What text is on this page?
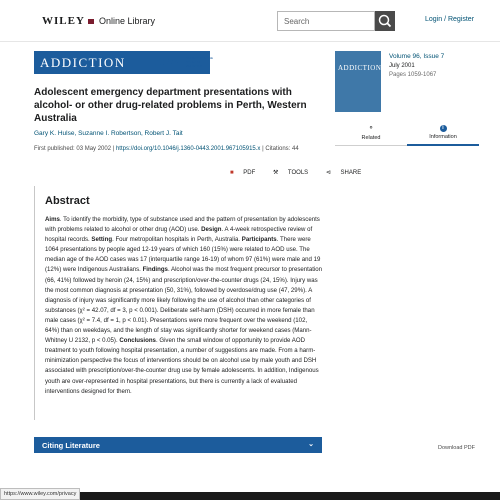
WILEY Online Library	Search	Login / Register
ADDICTION	SSA SOCIETY FOR THE STUDY OF ADDICTION
Adolescent emergency department presentations with alcohol- or other drug-related problems in Perth, Western Australia
Gary K. Hulse, Suzanne I. Robertson, Robert J. Tait
First published: 03 May 2002 | https://doi.org/10.1046/j.1360-0443.2001.967105915.x | Citations: 44
■ PDF	⚒ TOOLS	⊲ SHARE
Abstract

Aims. To identify the morbidity, type of substance used and the pattern of presentation by adolescents with problems related to alcohol or other drug (AOD) use. Design. A 4-week retrospective review of hospital records. Setting. Four metropolitan hospitals in Perth, Australia. Participants. There were 1064 presentations by people aged 12-19 years of which 160 (15%) were related to AOD use. The median age of the AOD cases was 17 (interquartile range 16-19) of whom 97 (61%) were male and 19 (12%) were Indigenous Australians. Findings. Alcohol was the most frequent precursor to presentation (66, 41%) followed by heroin (24, 15%) and prescription/over-the-counter drugs (24, 15%). Injury was the most common diagnosis at presentation (50, 31%), followed by overdose/drug use (47, 29%). A diagnosis of injury was significantly more likely following the use of alcohol than other categories of substances (χ² = 42.07, df = 3, p < 0.001). Deliberate self-harm (DSH) occurred in more female than male cases (χ² = 7.4, df = 1, p < 0.01). Presentations were more frequent over the weekend (102, 64%) than on weekdays, and the length of stay was significantly shorter for weekend cases (Mann-Whitney U 2132, p < 0.05). Conclusions. Given the small window of opportunity to provide AOD treatment to youth following hospital presentation, a number of suggestions are made. From a harm-minimization perspective the focus of interventions should be on alcohol use by male youth and DSH associated with prescription/over-the-counter drug use by female adolescents. In addition, Indigenous youth are over-represented in hospital presentations, but there is currently a lack of evaluated interventions designed for them.

Citing Literature	⌄
ADDICTION
Volume 96, Issue 7
July 2001
Pages 1059-1067
⚬
Related
i
Information
Download PDF
https://www.wiley.com/privacy
